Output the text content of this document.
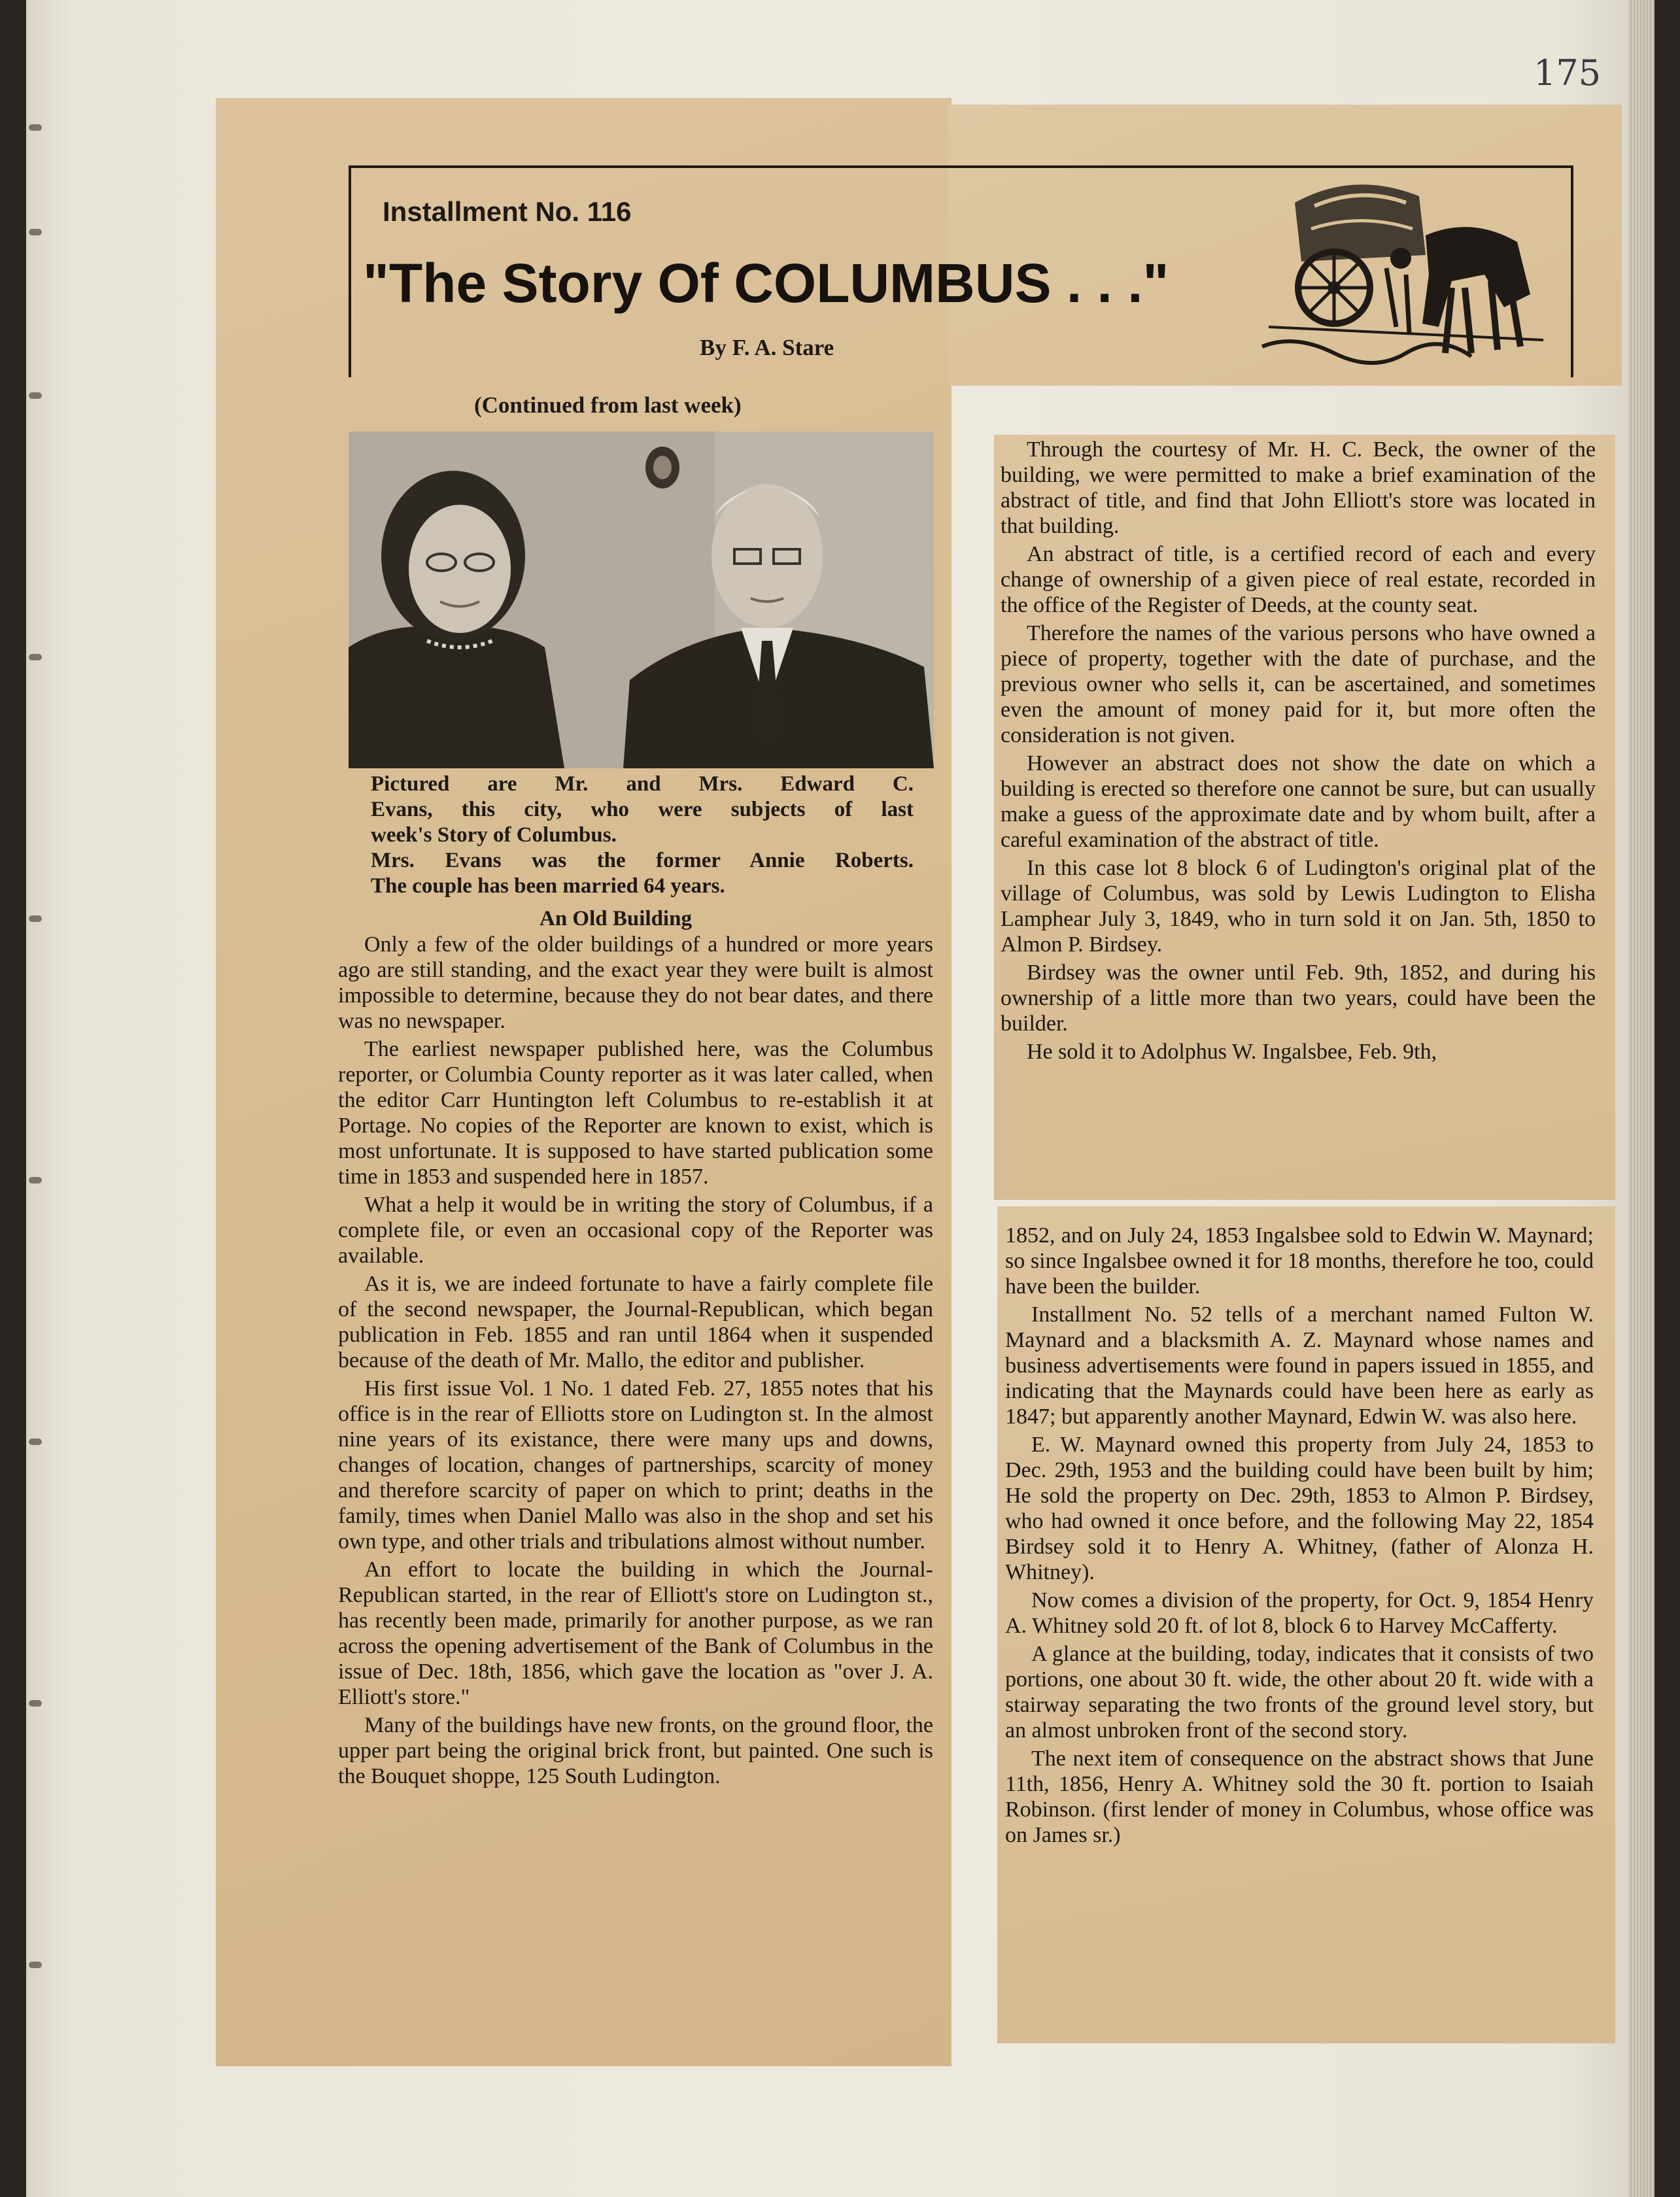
175
Installment No. 116
"The Story Of COLUMBUS . . ."
By F. A. Stare
(Continued from last week)

Pictured are Mr. and Mrs. Edward C.

Evans, this city, who were subjects of last

week's Story of Columbus.

Mrs. Evans was the former Annie Roberts.

The couple has been married 64 years.

An Old Building

Only a few of the older buildings of a hundred or more years ago are still standing, and the exact year they were built is almost impossible to determine, because they do not bear dates, and there was no newspaper.

The earliest newspaper published here, was the Columbus reporter, or Columbia County reporter as it was later called, when the editor Carr Huntington left Columbus to re-establish it at Portage. No copies of the Reporter are known to exist, which is most unfortunate. It is supposed to have started publication some time in 1853 and suspended here in 1857.

What a help it would be in writing the story of Columbus, if a complete file, or even an occasional copy of the Reporter was available.

As it is, we are indeed fortunate to have a fairly complete file of the second newspaper, the Journal-Republican, which began publication in Feb. 1855 and ran until 1864 when it suspended because of the death of Mr. Mallo, the editor and publisher.

His first issue Vol. 1 No. 1 dated Feb. 27, 1855 notes that his office is in the rear of Elliotts store on Ludington st. In the almost nine years of its existance, there were many ups and downs, changes of location, changes of partnerships, scarcity of money and therefore scarcity of paper on which to print; deaths in the family, times when Daniel Mallo was also in the shop and set his own type, and other trials and tribulations almost without number.

An effort to locate the building in which the Journal-Republican started, in the rear of Elliott's store on Ludington st., has recently been made, primarily for another purpose, as we ran across the opening advertisement of the Bank of Columbus in the issue of Dec. 18th, 1856, which gave the location as "over J. A. Elliott's store."

Many of the buildings have new fronts, on the ground floor, the upper part being the original brick front, but painted. One such is the Bouquet shoppe, 125 South Ludington.

Through the courtesy of Mr. H. C. Beck, the owner of the building, we were permitted to make a brief examination of the abstract of title, and find that John Elliott's store was located in that building.

An abstract of title, is a certified record of each and every change of ownership of a given piece of real estate, recorded in the office of the Register of Deeds, at the county seat.

Therefore the names of the various persons who have owned a piece of property, together with the date of purchase, and the previous owner who sells it, can be ascertained, and sometimes even the amount of money paid for it, but more often the consideration is not given.

However an abstract does not show the date on which a building is erected so therefore one cannot be sure, but can usually make a guess of the approximate date and by whom built, after a careful examination of the abstract of title.

In this case lot 8 block 6 of Ludington's original plat of the village of Columbus, was sold by Lewis Ludington to Elisha Lamphear July 3, 1849, who in turn sold it on Jan. 5th, 1850 to Almon P. Birdsey.

Birdsey was the owner until Feb. 9th, 1852, and during his ownership of a little more than two years, could have been the builder.

He sold it to Adolphus W. Ingalsbee, Feb. 9th,

1852, and on July 24, 1853 Ingalsbee sold to Edwin W. Maynard; so since Ingalsbee owned it for 18 months, therefore he too, could have been the builder.

Installment No. 52 tells of a merchant named Fulton W. Maynard and a blacksmith A. Z. Maynard whose names and business advertisements were found in papers issued in 1855, and indicating that the Maynards could have been here as early as 1847; but apparently another Maynard, Edwin W. was also here.

E. W. Maynard owned this property from July 24, 1853 to Dec. 29th, 1953 and the building could have been built by him; He sold the property on Dec. 29th, 1853 to Almon P. Birdsey, who had owned it once before, and the following May 22, 1854 Birdsey sold it to Henry A. Whitney, (father of Alonza H. Whitney).

Now comes a division of the property, for Oct. 9, 1854 Henry A. Whitney sold 20 ft. of lot 8, block 6 to Harvey McCafferty.

A glance at the building, today, indicates that it consists of two portions, one about 30 ft. wide, the other about 20 ft. wide with a stairway separating the two fronts of the ground level story, but an almost unbroken front of the second story.

The next item of consequence on the abstract shows that June 11th, 1856, Henry A. Whitney sold the 30 ft. portion to Isaiah Robinson. (first lender of money in Columbus, whose office was on James sr.)
